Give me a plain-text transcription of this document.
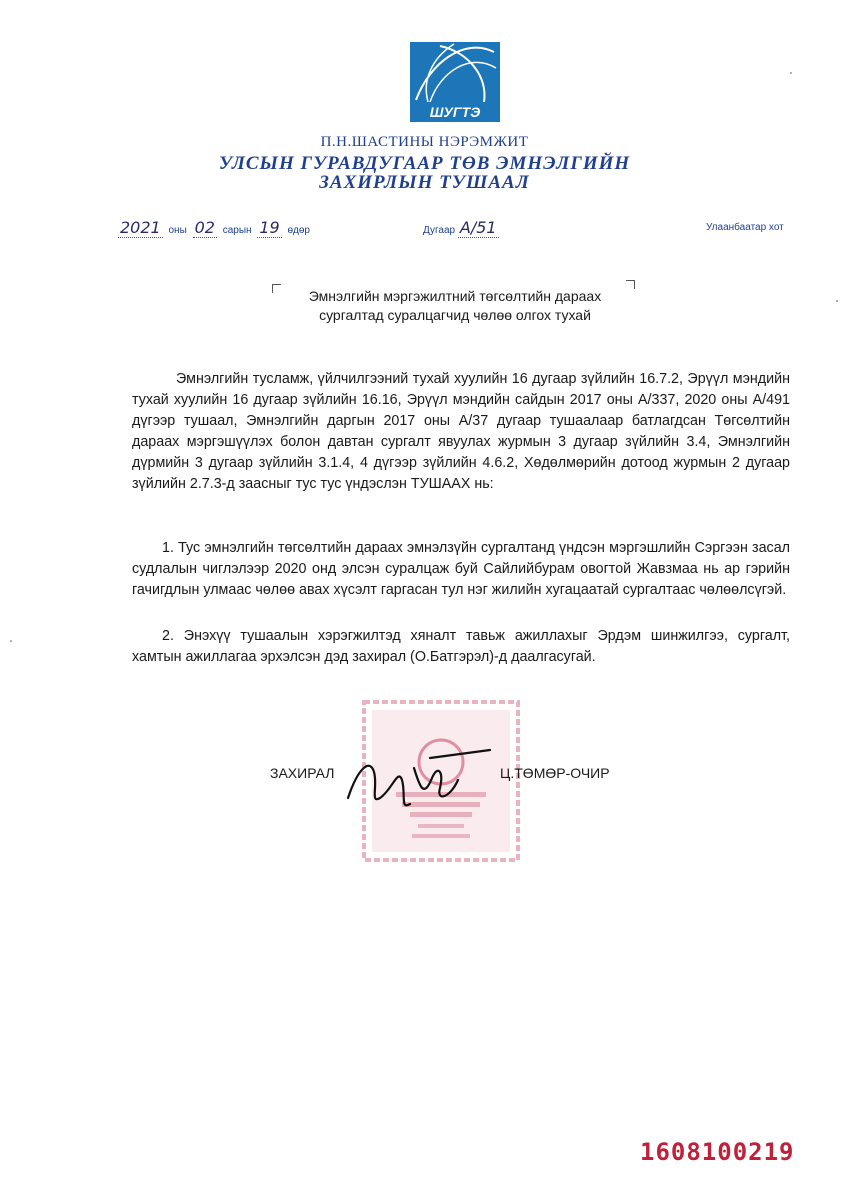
ШУГТЭ
П.Н.ШАСТИНЫ НЭРЭМЖИТ
УЛСЫН ГУРАВДУГААР ТӨВ ЭМНЭЛГИЙН
ЗАХИРЛЫН ТУШААЛ
2021 оны 02 сарын 19 өдөр	Дугаар А/51	Улаанбаатар хот
Эмнэлгийн мэргэжилтний төгсөлтийн дараах
сургалтад суралцагчид чөлөө олгох тухай
Эмнэлгийн тусламж, үйлчилгээний тухай хуулийн 16 дугаар зүйлийн 16.7.2, Эрүүл мэндийн тухай хуулийн 16 дугаар зүйлийн 16.16, Эрүүл мэндийн сайдын 2017 оны А/337, 2020 оны А/491 дүгээр тушаал, Эмнэлгийн даргын 2017 оны А/37 дугаар тушаалаар батлагдсан Төгсөлтийн дараах мэргэшүүлэх болон давтан сургалт явуулах журмын 3 дугаар зүйлийн 3.4, Эмнэлгийн дүрмийн 3 дугаар зүйлийн 3.1.4, 4 дүгээр зүйлийн 4.6.2, Хөдөлмөрийн дотоод журмын 2 дугаар зүйлийн 2.7.3-д заасныг тус тус үндэслэн ТУШААХ нь:
1. Тус эмнэлгийн төгсөлтийн дараах эмнэлзүйн сургалтанд үндсэн мэргэшлийн Сэргээн засал судлалын чиглэлээр 2020 онд элсэн суралцаж буй Сайлийбурам овогтой Жавзмаа нь ар гэрийн гачигдлын улмаас чөлөө авах хүсэлт гаргасан тул нэг жилийн хугацаатай сургалтаас чөлөөлсүгэй.
2. Энэхүү тушаалын хэрэгжилтэд хяналт тавьж ажиллахыг Эрдэм шинжилгээ, сургалт, хамтын ажиллагаа эрхэлсэн дэд захирал (О.Батгэрэл)-д даалгасугай.
ЗАХИРАЛ	Ц.ТӨМӨР-ОЧИР
1608100219
